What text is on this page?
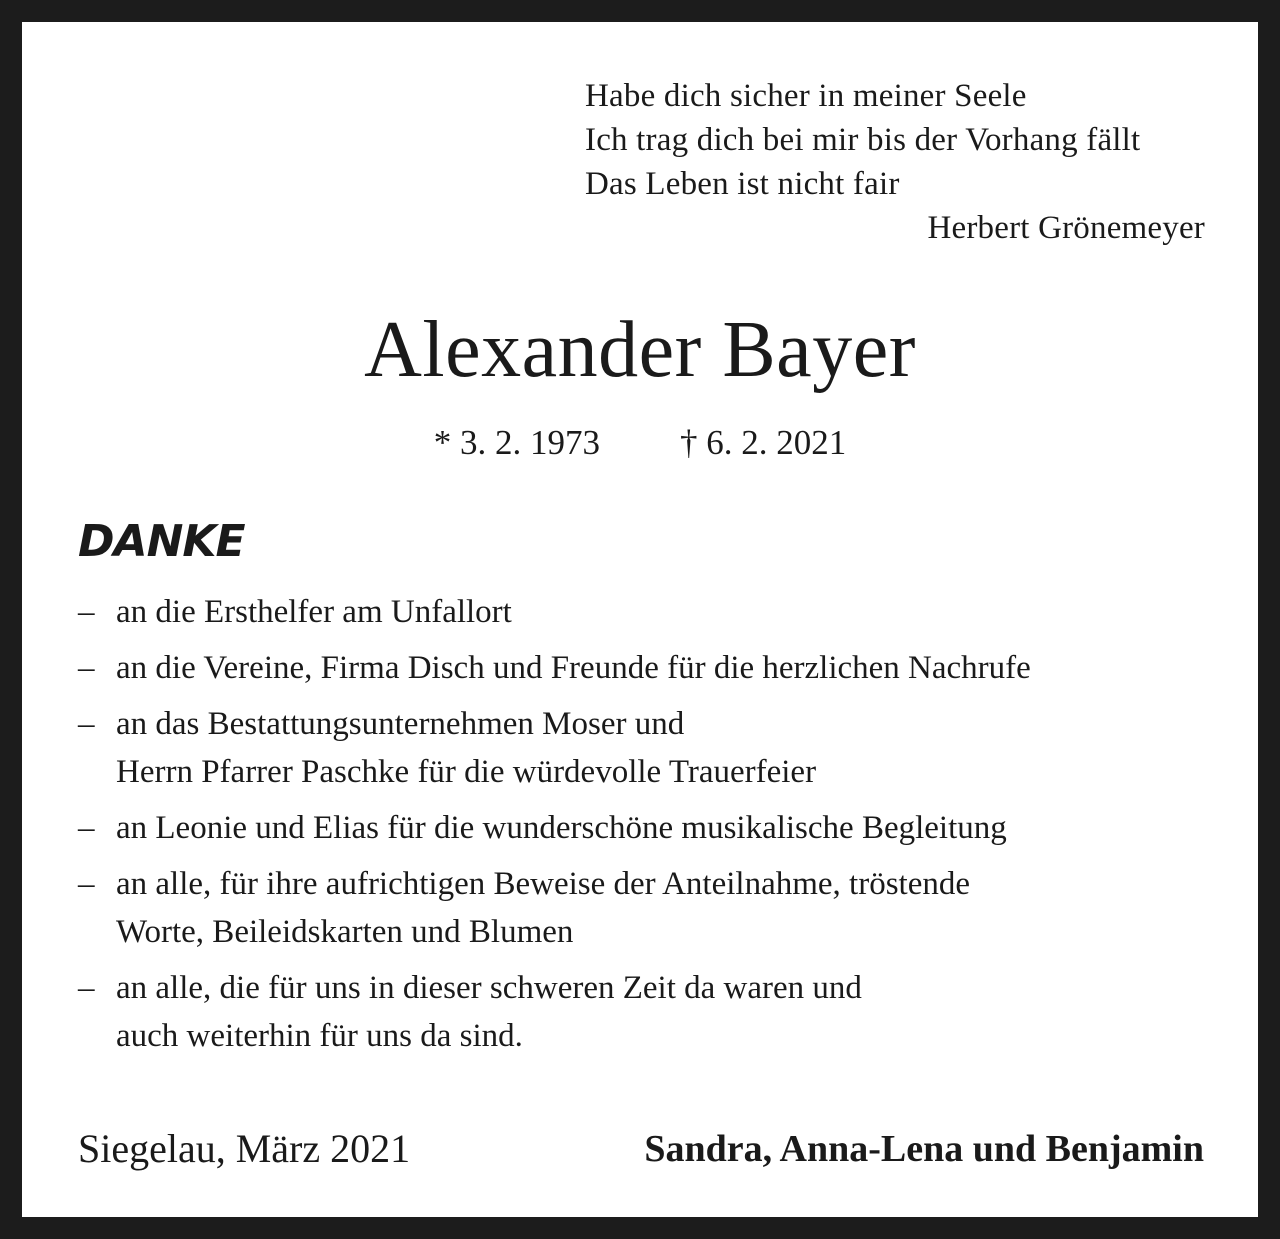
Habe dich sicher in meiner Seele
Ich trag dich bei mir bis der Vorhang fällt
Das Leben ist nicht fair
Herbert Grönemeyer
Alexander Bayer
* 3. 2. 1973 † 6. 2. 2021
DANKE
– an die Ersthelfer am Unfallort
– an die Vereine, Firma Disch und Freunde für die herzlichen Nachrufe
– an das Bestattungsunternehmen Moser und
Herrn Pfarrer Paschke für die würdevolle Trauerfeier
– an Leonie und Elias für die wunderschöne musikalische Begleitung
– an alle, für ihre aufrichtigen Beweise der Anteilnahme, tröstende
Worte, Beileidskarten und Blumen
– an alle, die für uns in dieser schweren Zeit da waren und
auch weiterhin für uns da sind.
Siegelau, März 2021	Sandra, Anna-Lena und Benjamin
